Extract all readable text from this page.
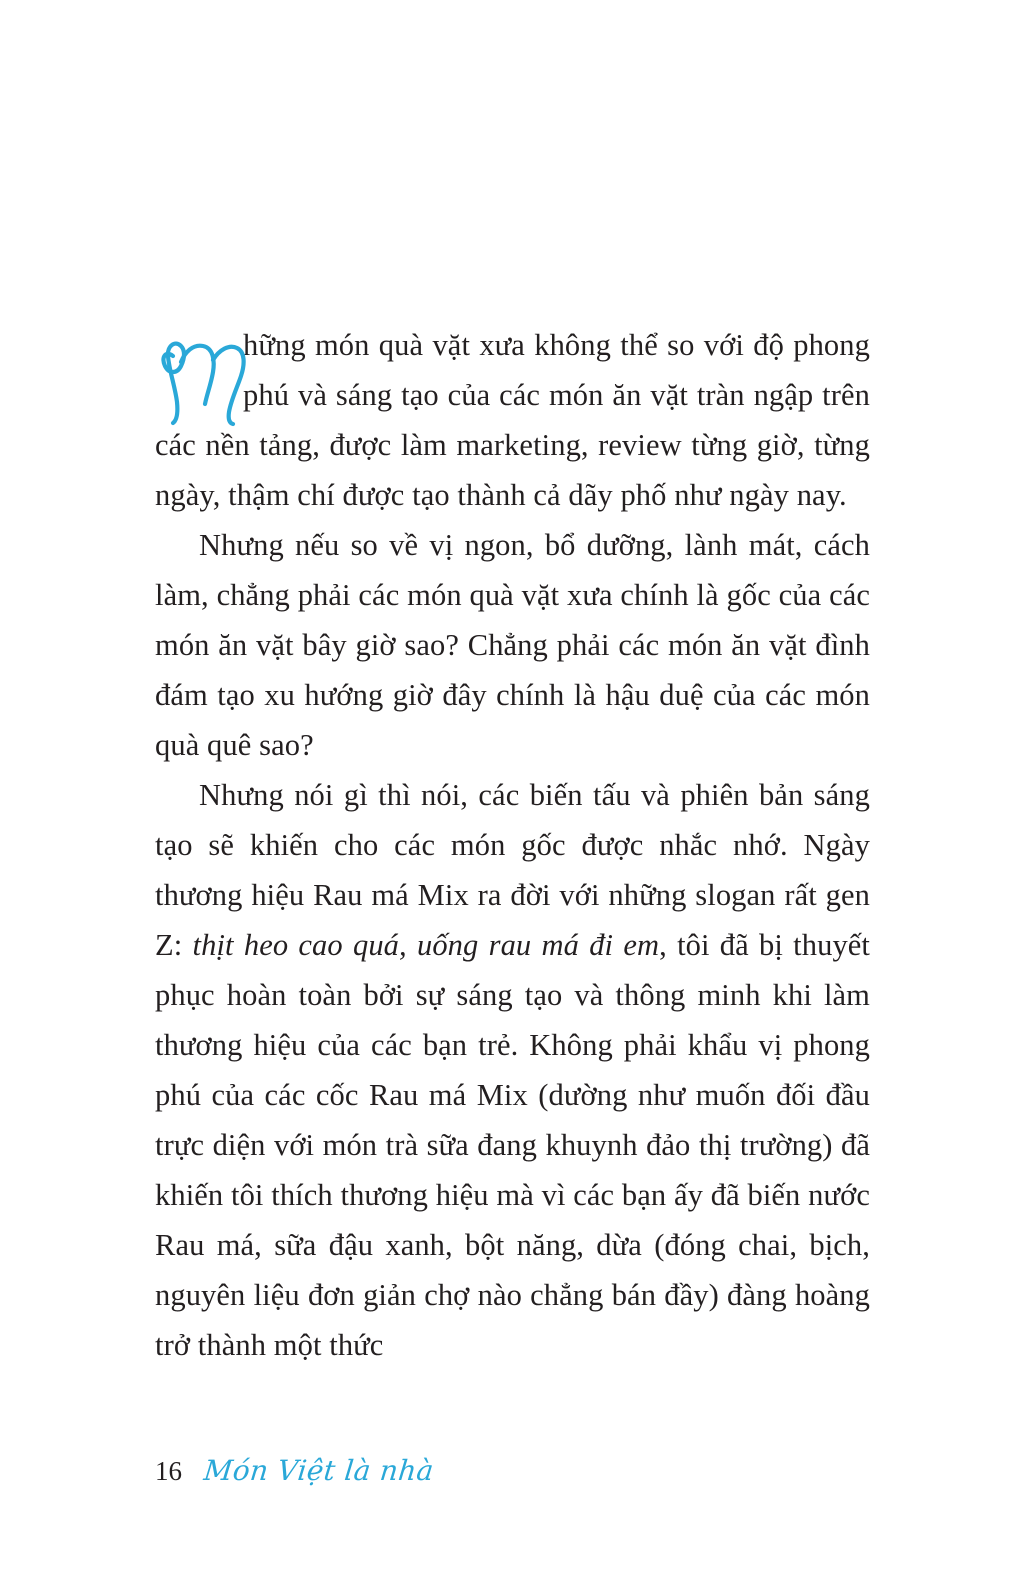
hững món quà vặt xưa không thể so với độ phong phú và sáng tạo của các món ăn vặt tràn ngập trên các nền tảng, được làm marketing, review từng giờ, từng ngày, thậm chí được tạo thành cả dãy phố như ngày nay.

Nhưng nếu so về vị ngon, bổ dưỡng, lành mát, cách làm, chẳng phải các món quà vặt xưa chính là gốc của các món ăn vặt bây giờ sao? Chẳng phải các món ăn vặt đình đám tạo xu hướng giờ đây chính là hậu duệ của các món quà quê sao?

Nhưng nói gì thì nói, các biến tấu và phiên bản sáng tạo sẽ khiến cho các món gốc được nhắc nhớ. Ngày thương hiệu Rau má Mix ra đời với những slogan rất gen Z: thịt heo cao quá, uống rau má đi em, tôi đã bị thuyết phục hoàn toàn bởi sự sáng tạo và thông minh khi làm thương hiệu của các bạn trẻ. Không phải khẩu vị phong phú của các cốc Rau má Mix (dường như muốn đối đầu trực diện với món trà sữa đang khuynh đảo thị trường) đã khiến tôi thích thương hiệu mà vì các bạn ấy đã biến nước Rau má, sữa đậu xanh, bột năng, dừa (đóng chai, bịch, nguyên liệu đơn giản chợ nào chẳng bán đầy) đàng hoàng trở thành một thức

16 Món Việt là nhà
